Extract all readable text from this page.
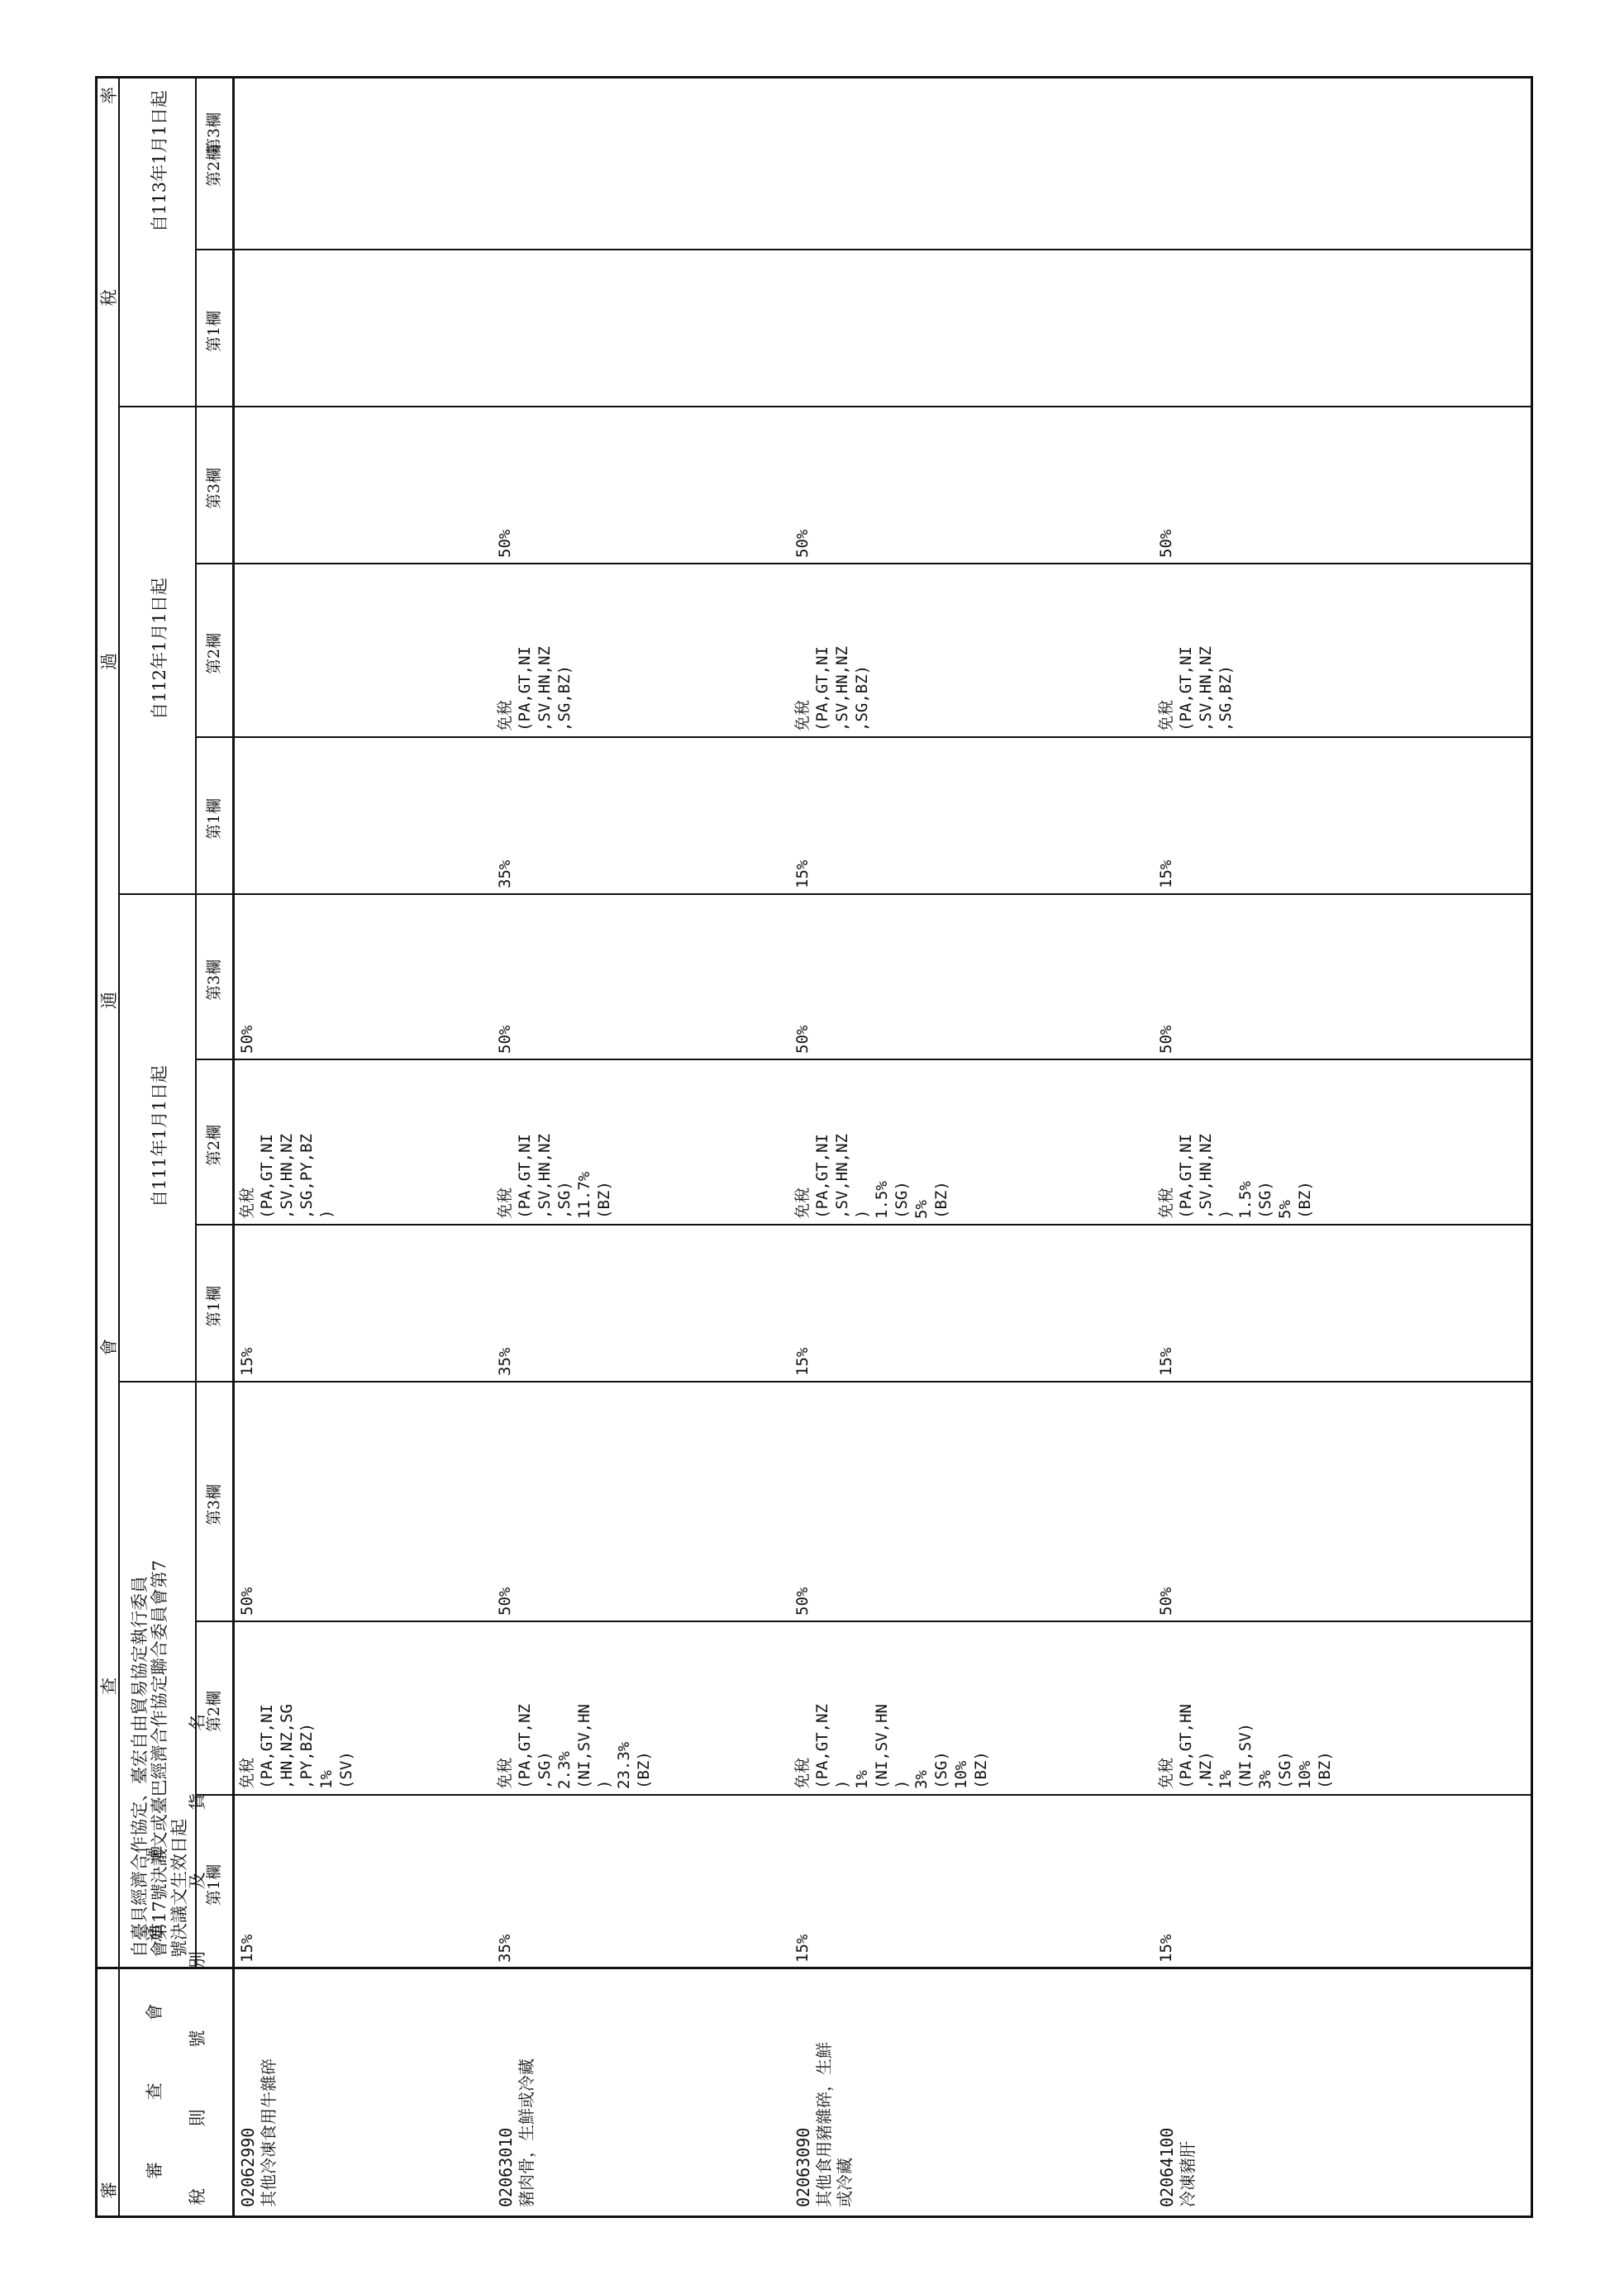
審
查
會
通
過
稅
率
審 查 會 通 過 稅 則 號 別 及 貨 名
自臺貝經濟合作協定、臺宏自由貿易協定執行委員 會第17號決議文或臺巴經濟合作協定聯合委員會第7 號決議文生效日起
自111年1月1日起
自112年1月1日起
自113年1月1日起
第1欄
第2欄
第3欄
第1欄
第2欄
第3欄
第1欄
第2欄
第3欄
第1欄
第2欄
第3欄
02062990 其他冷凍食用牛雜碎
15%
免稅 (PA,GT,NI ,HN,NZ,SG ,PY,BZ) 1% (SV)
50%
15%
免稅 (PA,GT,NI ,SV,HN,NZ ,SG,PY,BZ )
50%
02063010 豬肉骨，生鮮或冷藏
35%
免稅 (PA,GT,NZ ,SG) 2.3% (NI,SV,HN ) 23.3% (BZ)
50%
35%
免稅 (PA,GT,NI ,SV,HN,NZ ,SG) 11.7% (BZ)
50%
35%
免稅 (PA,GT,NI ,SV,HN,NZ ,SG,BZ)
50%
02063090 其他食用豬雜碎，生鮮 或冷藏
15%
免稅 (PA,GT,NZ ) 1% (NI,SV,HN ) 3% (SG) 10% (BZ)
50%
15%
免稅 (PA,GT,NI ,SV,HN,NZ ) 1.5% (SG) 5% (BZ)
50%
15%
免稅 (PA,GT,NI ,SV,HN,NZ ,SG,BZ)
50%
02064100 冷凍豬肝
15%
免稅 (PA,GT,HN ,NZ) 1% (NI,SV) 3% (SG) 10% (BZ)
50%
15%
免稅 (PA,GT,NI ,SV,HN,NZ ) 1.5% (SG) 5% (BZ)
50%
15%
免稅 (PA,GT,NI ,SV,HN,NZ ,SG,BZ)
50%
